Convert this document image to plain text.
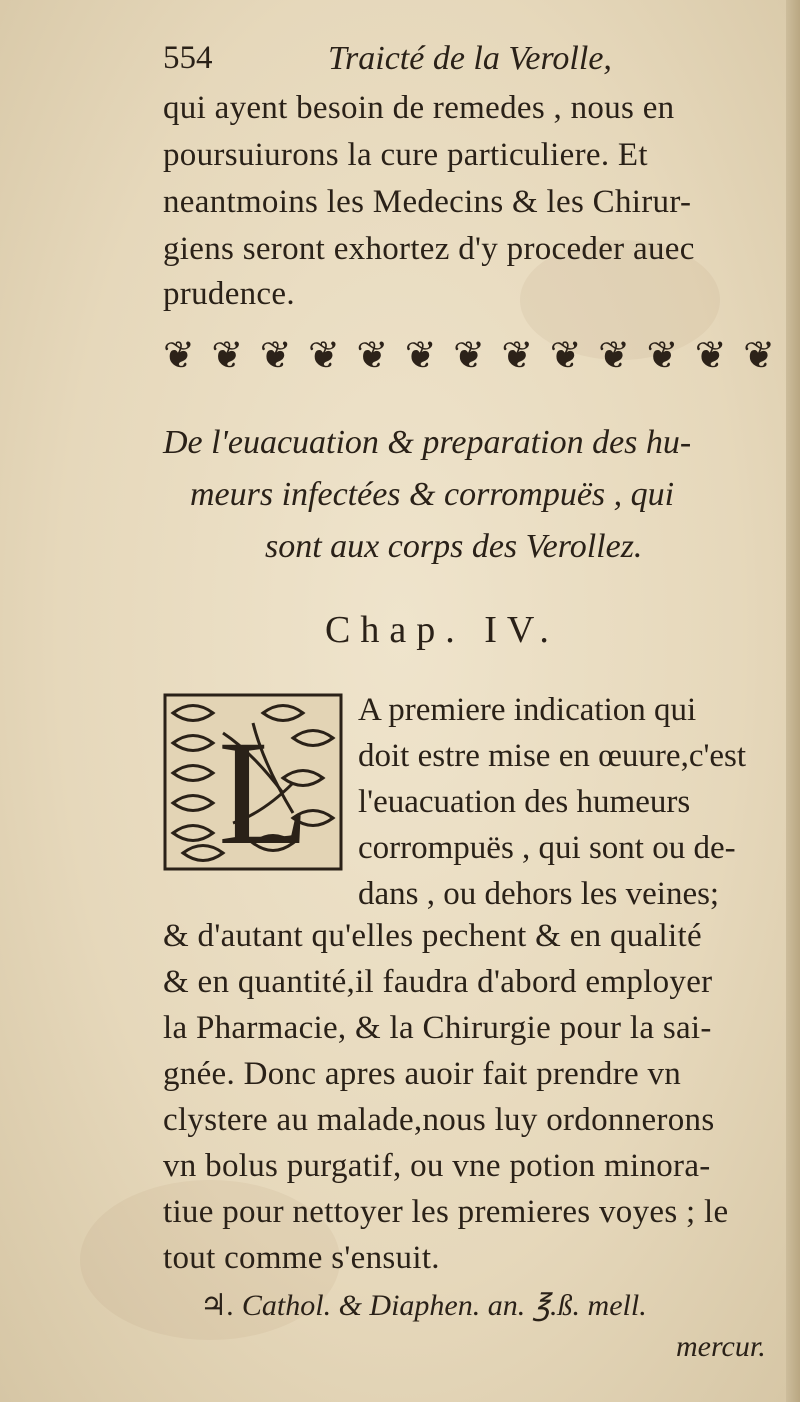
554	Traicté de la Verolle,
qui ayent besoin de remedes , nous en
poursuiurons la cure particuliere. Et
neantmoins les Medecins & les Chirur-
giens seront exhortez d'y proceder auec
prudence.
❦ ❦ ❦ ❦ ❦ ❦ ❦ ❦ ❦ ❦ ❦ ❦ ❦
De l'euacuation & preparation des hu-
meurs infectées & corrompuës , qui
sont aux corps des Verollez.
Chap. IV.
L A premiere indication qui
doit estre mise en œuure,c'est
l'euacuation des humeurs
corrompuës , qui sont ou de-
dans , ou dehors les veines;
& d'autant qu'elles pechent & en qualité
& en quantité,il faudra d'abord employer
la Pharmacie, & la Chirurgie pour la sai-
gnée. Donc apres auoir fait prendre vn
clystere au malade,nous luy ordonnerons
vn bolus purgatif, ou vne potion minora-
tiue pour nettoyer les premieres voyes ; le
tout comme s'ensuit.
♃. Cathol. & Diaphen. an. ℥.ß. mell.
mercur.
